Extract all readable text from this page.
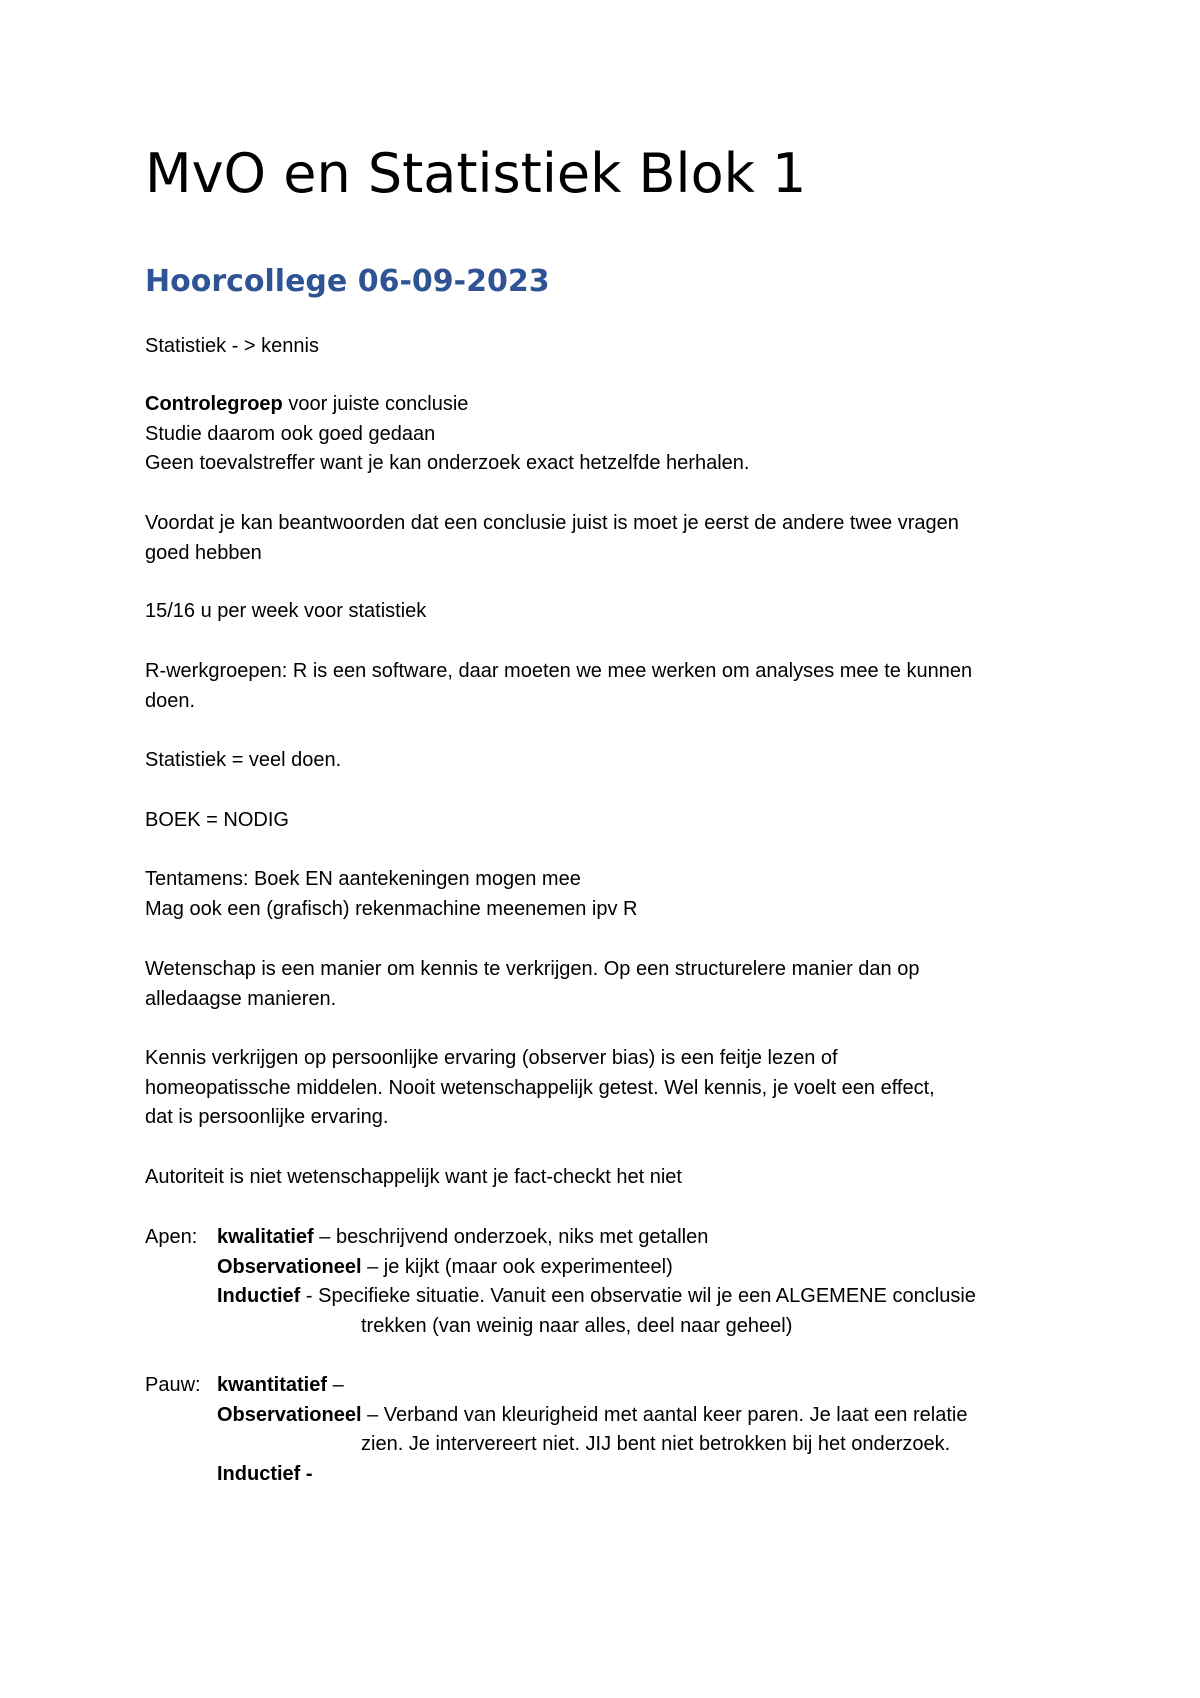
MvO en Statistiek Blok 1
Hoorcollege 06-09-2023
Statistiek - > kennis
Controlegroep voor juiste conclusie
Studie daarom ook goed gedaan
Geen toevalstreffer want je kan onderzoek exact hetzelfde herhalen.
Voordat je kan beantwoorden dat een conclusie juist is moet je eerst de andere twee vragen
goed hebben
15/16 u per week voor statistiek
R-werkgroepen: R is een software, daar moeten we mee werken om analyses mee te kunnen
doen.
Statistiek = veel doen.
BOEK = NODIG
Tentamens: Boek EN aantekeningen mogen mee
Mag ook een (grafisch) rekenmachine meenemen ipv R
Wetenschap is een manier om kennis te verkrijgen. Op een structurelere manier dan op
alledaagse manieren.
Kennis verkrijgen op persoonlijke ervaring (observer bias) is een feitje lezen of
homeopatissche middelen. Nooit wetenschappelijk getest. Wel kennis, je voelt een effect,
dat is persoonlijke ervaring.
Autoriteit is niet wetenschappelijk want je fact-checkt het niet
Apen: kwalitatief – beschrijvend onderzoek, niks met getallen
Observationeel – je kijkt (maar ook experimenteel)
Inductief - Specifieke situatie. Vanuit een observatie wil je een ALGEMENE conclusie
trekken (van weinig naar alles, deel naar geheel)
Pauw: kwantitatief –
Observationeel – Verband van kleurigheid met aantal keer paren. Je laat een relatie
zien. Je intervereert niet. JIJ bent niet betrokken bij het onderzoek.
Inductief -
